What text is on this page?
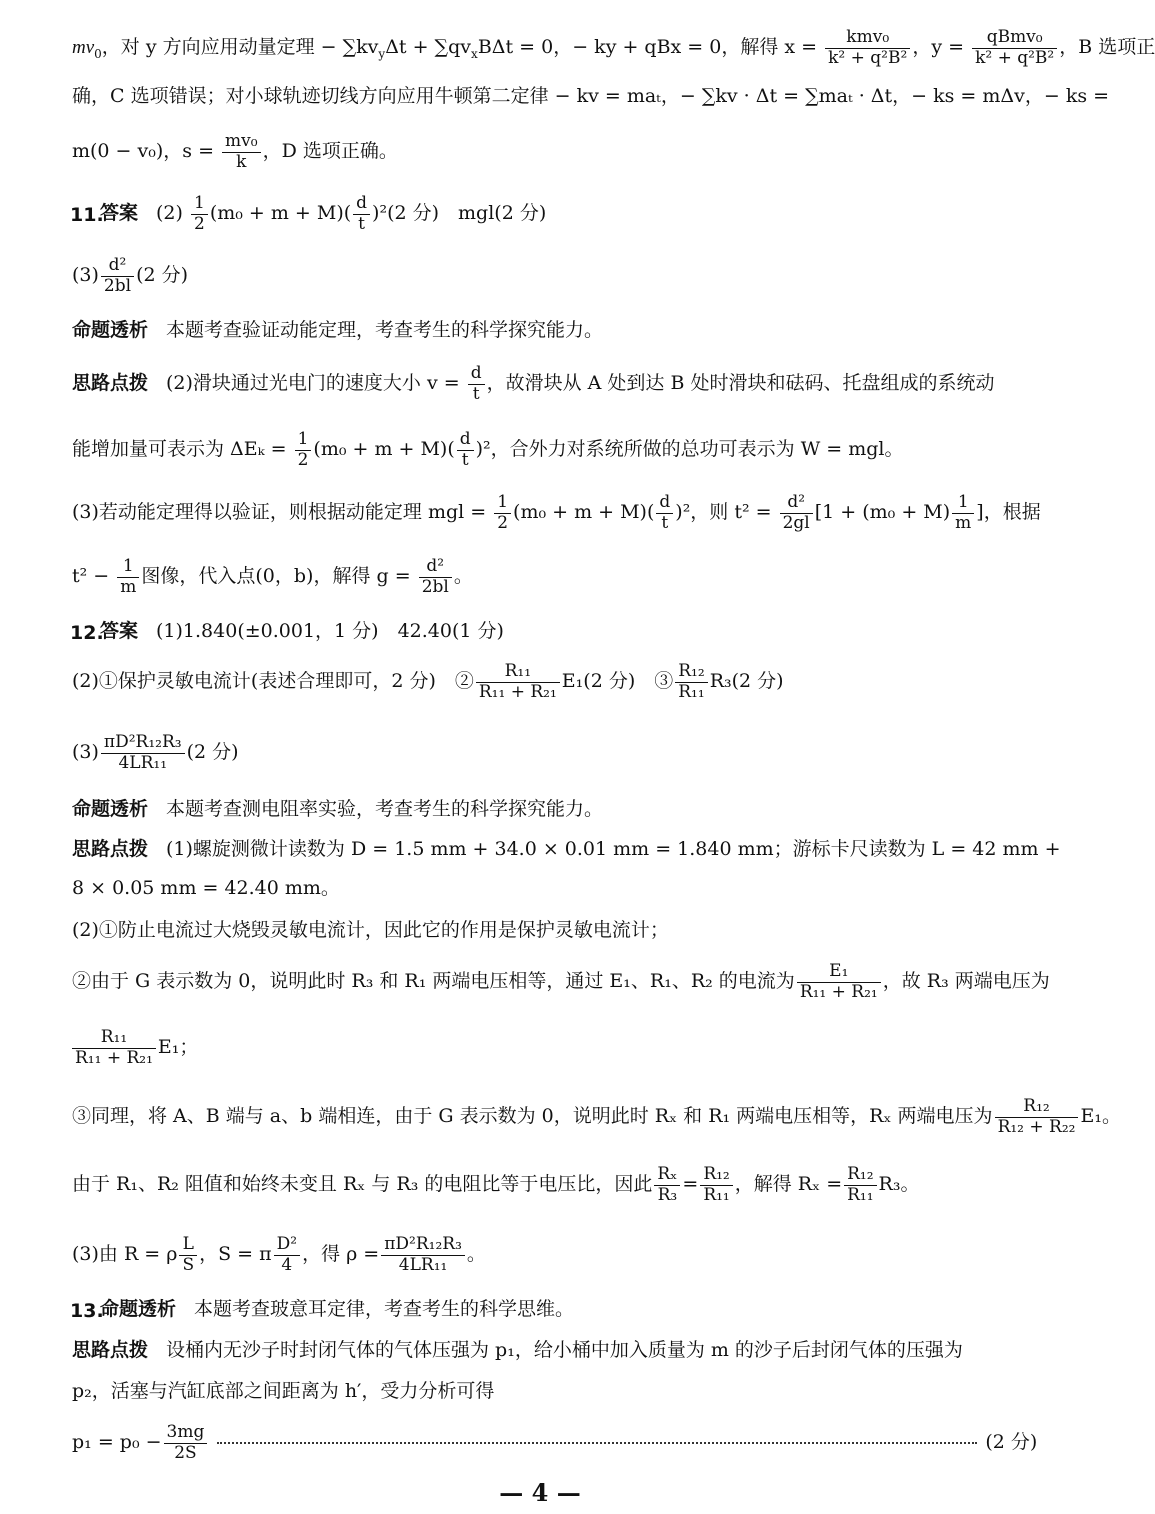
$mv_0$，对 y 方向应用动量定理 − $\sum kv_y\Delta t + \sum qv_xB\Delta t = 0$，− ky + qBx = 0，解得 $x = \frac{\text{kmv₀}}{\text{k² + q²B²}}$ ，$y = \frac{\text{qBmv₀}}{\text{k² + q²B²}}$ ，B 选项正
确，C 选项错误；对小球轨迹切线方向应用牛顿第二定律 − kv = maₜ，− ∑kv · Δt = ∑maₜ · Δt，− ks = mΔv，− ks =
m(0 − v₀)，$s = \frac{\text{mv₀}}{k}$ ，D 选项正确。
11.
答案 $(2) \frac{1}{2} (m_0 + m + M)( \frac{d}{t} )^2(2$ 分)　mgl(2 分)
$(3) \frac{\text{d²}}{2bl} (2$ 分)
命题透析 本题考查验证动能定理，考查考生的科学探究能力。
思路点拨 (2)滑块通过光电门的速度大小 $v = \frac{d}{t}$ ，故滑块从 A 处到达 B 处时滑块和砝码、托盘组成的系统动
能增加量可表示为 $\Delta E_k = \frac{1}{2} (m_0 + m + M)( \frac{d}{t} )^2$，合外力对系统所做的总功可表示为 W = mgl。
(3)若动能定理得以验证，则根据动能定理 mgl = $\frac{1}{2} (m_0 + m + M)( \frac{d}{t} )^2$，则 $t^2 = \frac{\text{d²}}{2gl} [1 + (m_0 + M) \frac{1}{m}$ ]，根据
$t^2 - \frac{1}{m}$ 图像，代入点(0，b)，解得 $g = \frac{\text{d²}}{2bl}$ 。
12.
答案 (1)1.840(±0.001，1 分)　42.40(1 分)
(2)①保护灵敏电流计(表述合理即可，2 分)　② $\frac{\text{R₁₁}}{\text{R₁₁ + R₂₁}} E_1(2$ 分)　③ $\frac{\text{R₁₂}}{\text{R₁₁}} R_3(2$ 分)
$(3) \frac{\text{πD²R₁₂R₃}}{\text{4LR₁₁}} (2$ 分)
命题透析 本题考查测电阻率实验，考查考生的科学探究能力。
思路点拨 (1)螺旋测微计读数为 D = 1.5 mm + 34.0 × 0.01 mm = 1.840 mm；游标卡尺读数为 L = 42 mm +
8 × 0.05 mm = 42.40 mm。
(2)①防止电流过大烧毁灵敏电流计，因此它的作用是保护灵敏电流计；
②由于 G 表示数为 0，说明此时 R₃ 和 R₁ 两端电压相等，通过 E₁、R₁、R₂ 的电流为 $\frac{\text{E₁}}{\text{R₁₁ + R₂₁}}$ ，故 R₃ 两端电压为
$\frac{\text{R₁₁}}{\text{R₁₁ + R₂₁}} E_1$；
③同理，将 A、B 端与 a、b 端相连，由于 G 表示数为 0，说明此时 Rₓ 和 R₁ 两端电压相等，Rₓ 两端电压为 $\frac{\text{R₁₂}}{\text{R₁₂ + R₂₂}} E_1$。
由于 R₁、R₂ 阻值和始终未变且 Rₓ 与 R₃ 的电阻比等于电压比，因此 $\frac{\text{Rₓ}}{\text{R₃}} = \frac{\text{R₁₂}}{\text{R₁₁}}$ ，解得 $R_x = \frac{\text{R₁₂}}{\text{R₁₁}} R_3$。
(3)由 R = ρ $\frac{L}{S}$ ，S = π $\frac{\text{D²}}{4}$ ，得 $\rho = \frac{\text{πD²R₁₂R₃}}{\text{4LR₁₁}}$ 。
13.
命题透析 本题考查玻意耳定律，考查考生的科学思维。
思路点拨 设桶内无沙子时封闭气体的气体压强为 p₁，给小桶中加入质量为 m 的沙子后封闭气体的压强为
p₂，活塞与汽缸底部之间距离为 h′，受力分析可得
$p_1 = p_0 - \frac{3mg}{2S}$	(2 分)
— 4 —
